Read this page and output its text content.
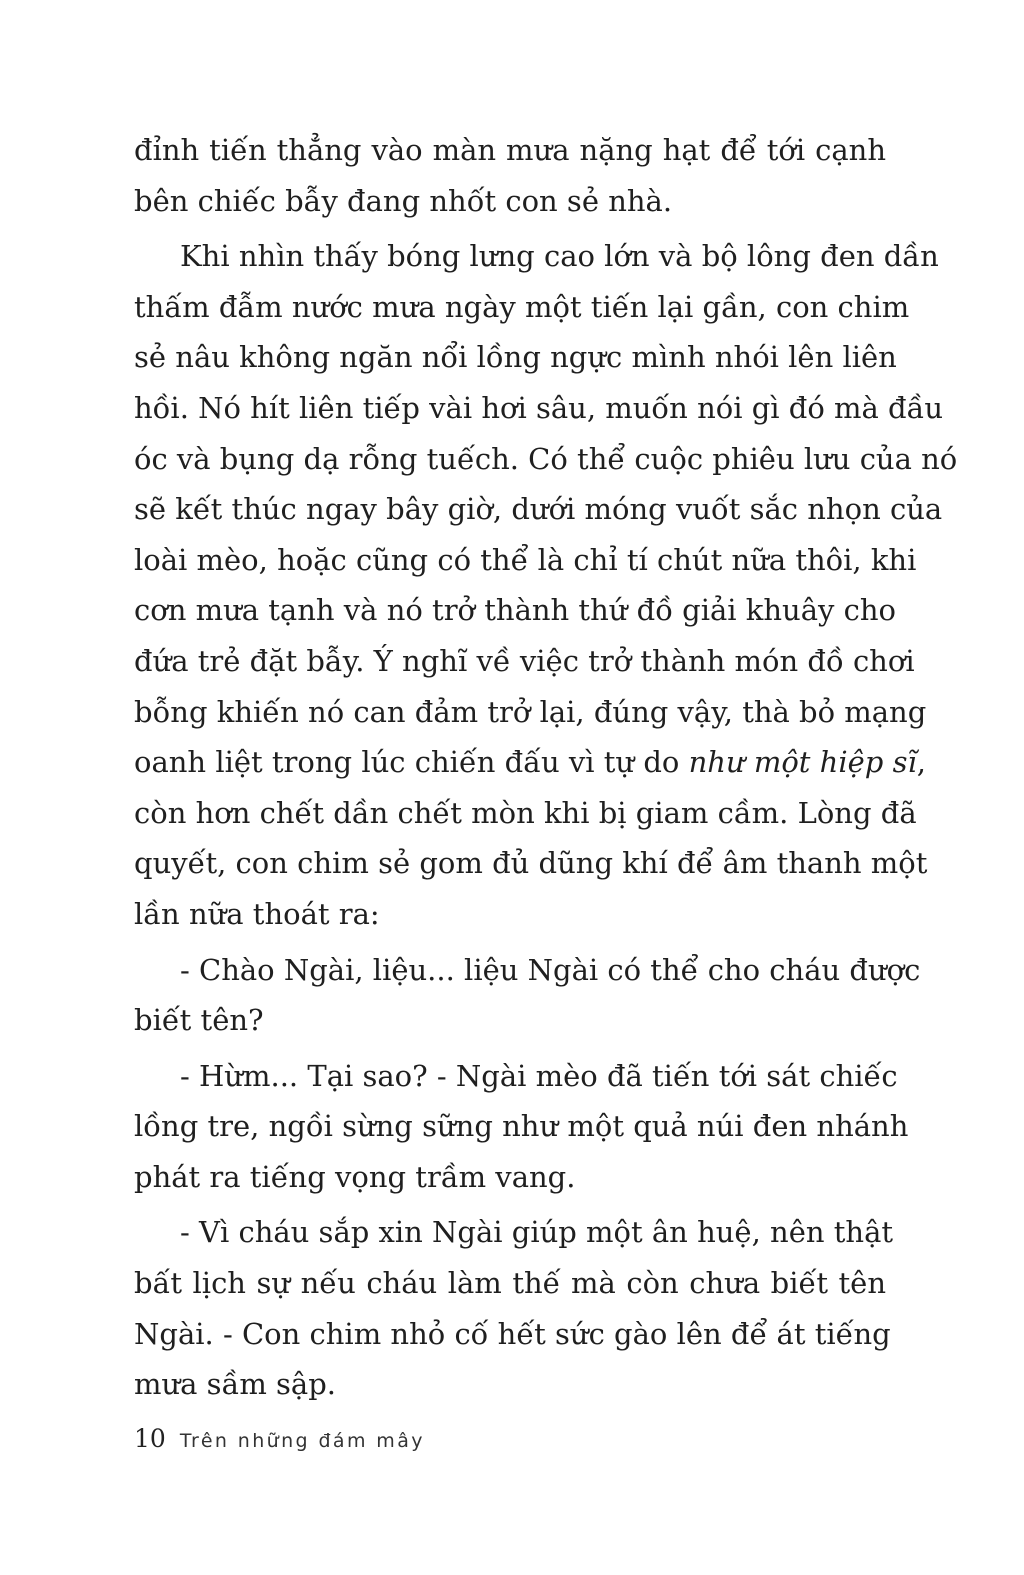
đỉnh tiến thẳng vào màn mưa nặng hạt để tới cạnh
bên chiếc bẫy đang nhốt con sẻ nhà.
Khi nhìn thấy bóng lưng cao lớn và bộ lông đen dần
thấm đẫm nước mưa ngày một tiến lại gần, con chim
sẻ nâu không ngăn nổi lồng ngực mình nhói lên liên
hồi. Nó hít liên tiếp vài hơi sâu, muốn nói gì đó mà đầu
óc và bụng dạ rỗng tuếch. Có thể cuộc phiêu lưu của nó
sẽ kết thúc ngay bây giờ, dưới móng vuốt sắc nhọn của
loài mèo, hoặc cũng có thể là chỉ tí chút nữa thôi, khi
cơn mưa tạnh và nó trở thành thứ đồ giải khuây cho
đứa trẻ đặt bẫy. Ý nghĩ về việc trở thành món đồ chơi
bỗng khiến nó can đảm trở lại, đúng vậy, thà bỏ mạng
oanh liệt trong lúc chiến đấu vì tự do như một hiệp sĩ,
còn hơn chết dần chết mòn khi bị giam cầm. Lòng đã
quyết, con chim sẻ gom đủ dũng khí để âm thanh một
lần nữa thoát ra:
- Chào Ngài, liệu... liệu Ngài có thể cho cháu được
biết tên?
- Hừm... Tại sao? - Ngài mèo đã tiến tới sát chiếc
lồng tre, ngồi sừng sững như một quả núi đen nhánh
phát ra tiếng vọng trầm vang.
- Vì cháu sắp xin Ngài giúp một ân huệ, nên thật
bất lịch sự nếu cháu làm thế mà còn chưa biết tên
Ngài. - Con chim nhỏ cố hết sức gào lên để át tiếng
mưa sầm sập.
10 Trên những đám mây
